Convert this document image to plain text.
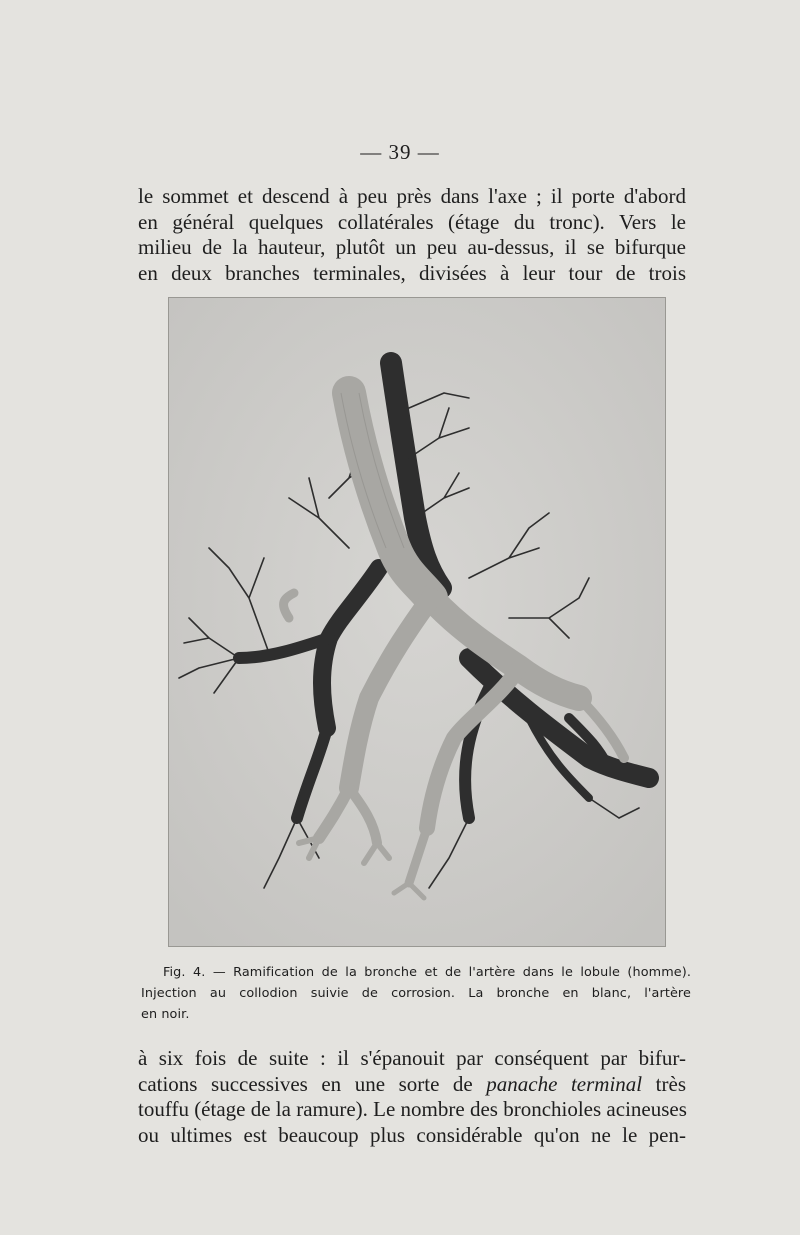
— 39 —
le sommet et descend à peu près dans l'axe ; il porte d'abord
en général quelques collatérales (étage du tronc). Vers le
milieu de la hauteur, plutôt un peu au-dessus, il se bifurque
en deux branches terminales, divisées à leur tour de trois
Fig. 4. — Ramification de la bronche et de l'artère dans le lobule (homme).
Injection au collodion suivie de corrosion. La bronche en blanc, l'artère
en noir.
à six fois de suite : il s'épanouit par conséquent par bifur-
cations successives en une sorte de panache terminal très
touffu (étage de la ramure). Le nombre des bronchioles acineuses
ou ultimes est beaucoup plus considérable qu'on ne le pen-
